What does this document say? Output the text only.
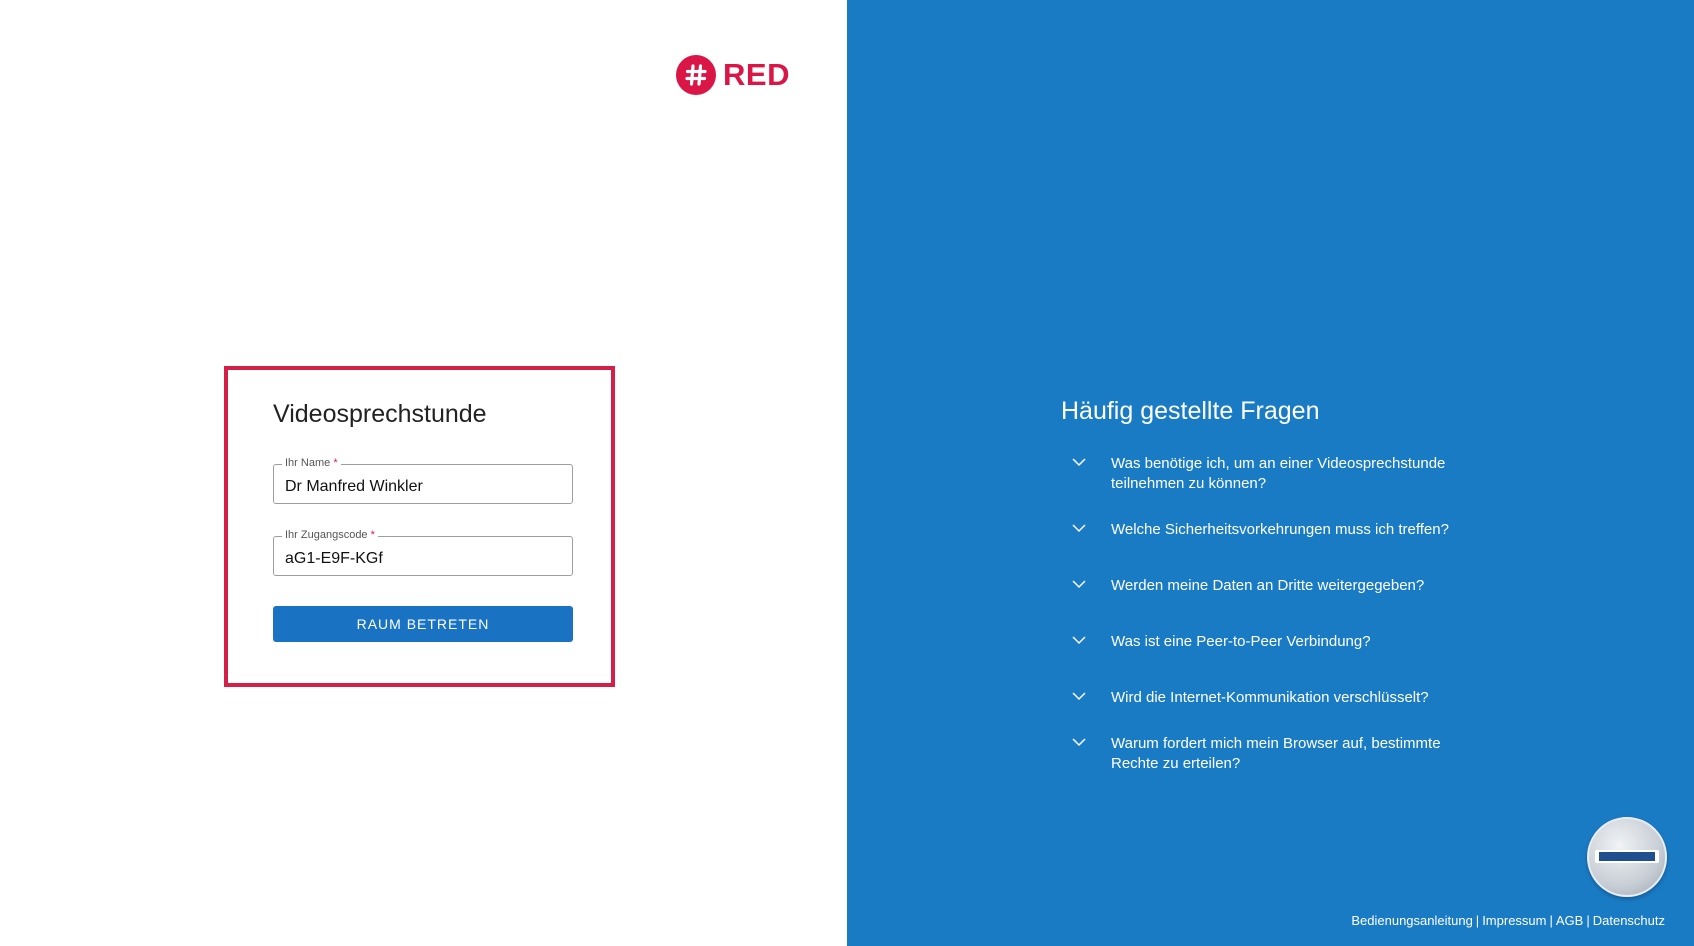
RED
Videosprechstunde
Ihr Name *
Dr Manfred Winkler
Ihr Zugangscode *
aG1-E9F-KGf
RAUM BETRETEN
Häufig gestellte Fragen
Was benötige ich, um an einer Videosprechstunde teilnehmen zu können?
Welche Sicherheitsvorkehrungen muss ich treffen?
Werden meine Daten an Dritte weitergegeben?
Was ist eine Peer-to-Peer Verbindung?
Wird die Internet-Kommunikation verschlüsselt?
Warum fordert mich mein Browser auf, bestimmte Rechte zu erteilen?
Bedienungsanleitung | Impressum | AGB | Datenschutz
